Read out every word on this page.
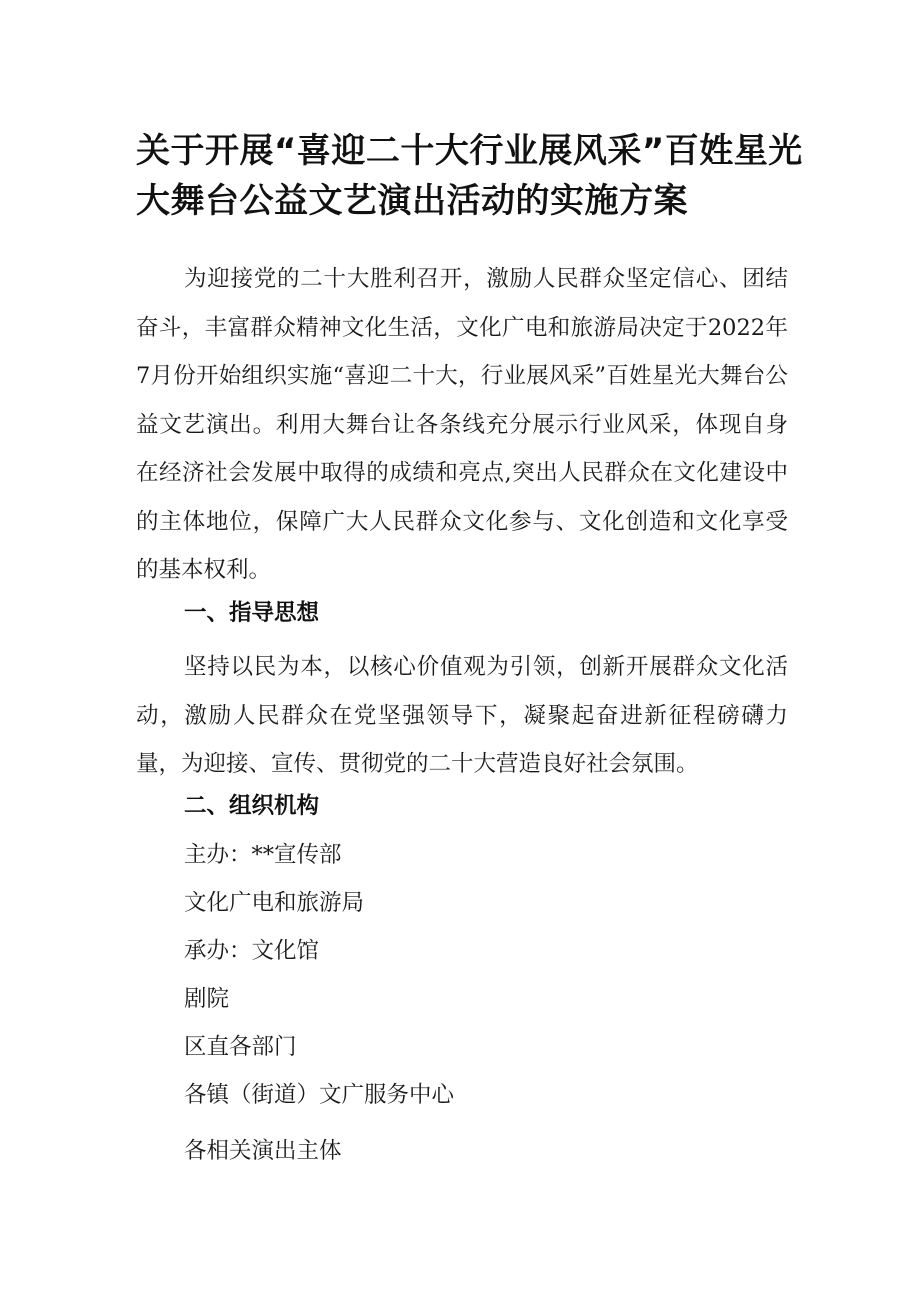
关于开展“喜迎二十大行业展风采”百姓星光
大舞台公益文艺演出活动的实施方案

为迎接党的二十大胜利召开，激励人民群众坚定信心、团结奋斗，丰富群众精神文化生活，文化广电和旅游局决定于2022年7月份开始组织实施“喜迎二十大，行业展风采”百姓星光大舞台公益文艺演出。利用大舞台让各条线充分展示行业风采，体现自身在经济社会发展中取得的成绩和亮点,突出人民群众在文化建设中的主体地位，保障广大人民群众文化参与、文化创造和文化享受的基本权利。

一、指导思想

坚持以民为本，以核心价值观为引领，创新开展群众文化活动，激励人民群众在党坚强领导下，凝聚起奋进新征程磅礴力量，为迎接、宣传、贯彻党的二十大营造良好社会氛围。

二、组织机构

主办：**宣传部

文化广电和旅游局

承办：文化馆

剧院

区直各部门

各镇（街道）文广服务中心

各相关演出主体
